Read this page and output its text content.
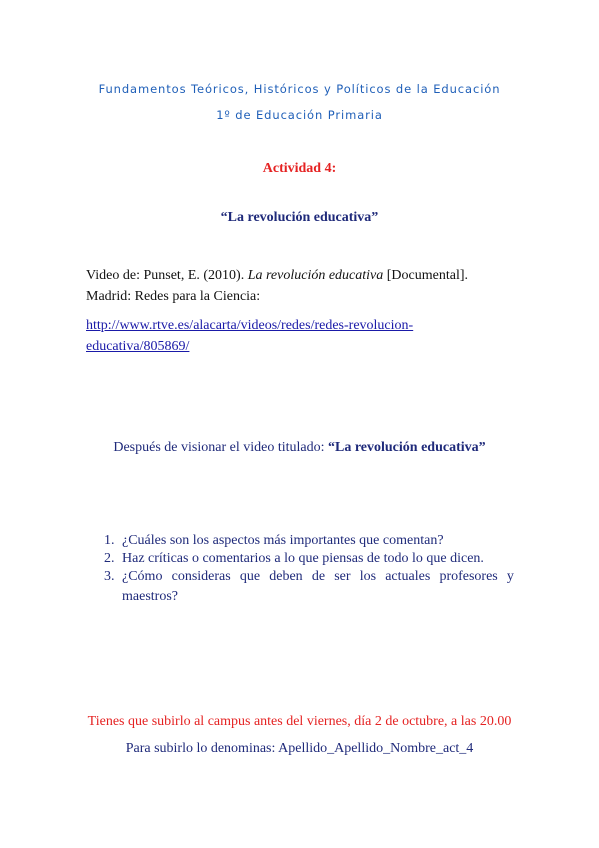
Fundamentos Teóricos, Históricos y Políticos de la Educación
1º de Educación Primaria
Actividad 4:
“La revolución educativa”
Video de: Punset, E. (2010). La revolución educativa [Documental].
Madrid: Redes para la Ciencia:
http://www.rtve.es/alacarta/videos/redes/redes-revolucion-
educativa/805869/
Después de visionar el video titulado: “La revolución educativa”
1. ¿Cuáles son los aspectos más importantes que comentan?
2. Haz críticas o comentarios a lo que piensas de todo lo que dicen.
3. ¿Cómo consideras que deben de ser los actuales profesores y
maestros?
Tienes que subirlo al campus antes del viernes, día 2 de octubre, a las 20.00
Para subirlo lo denominas: Apellido_Apellido_Nombre_act_4
